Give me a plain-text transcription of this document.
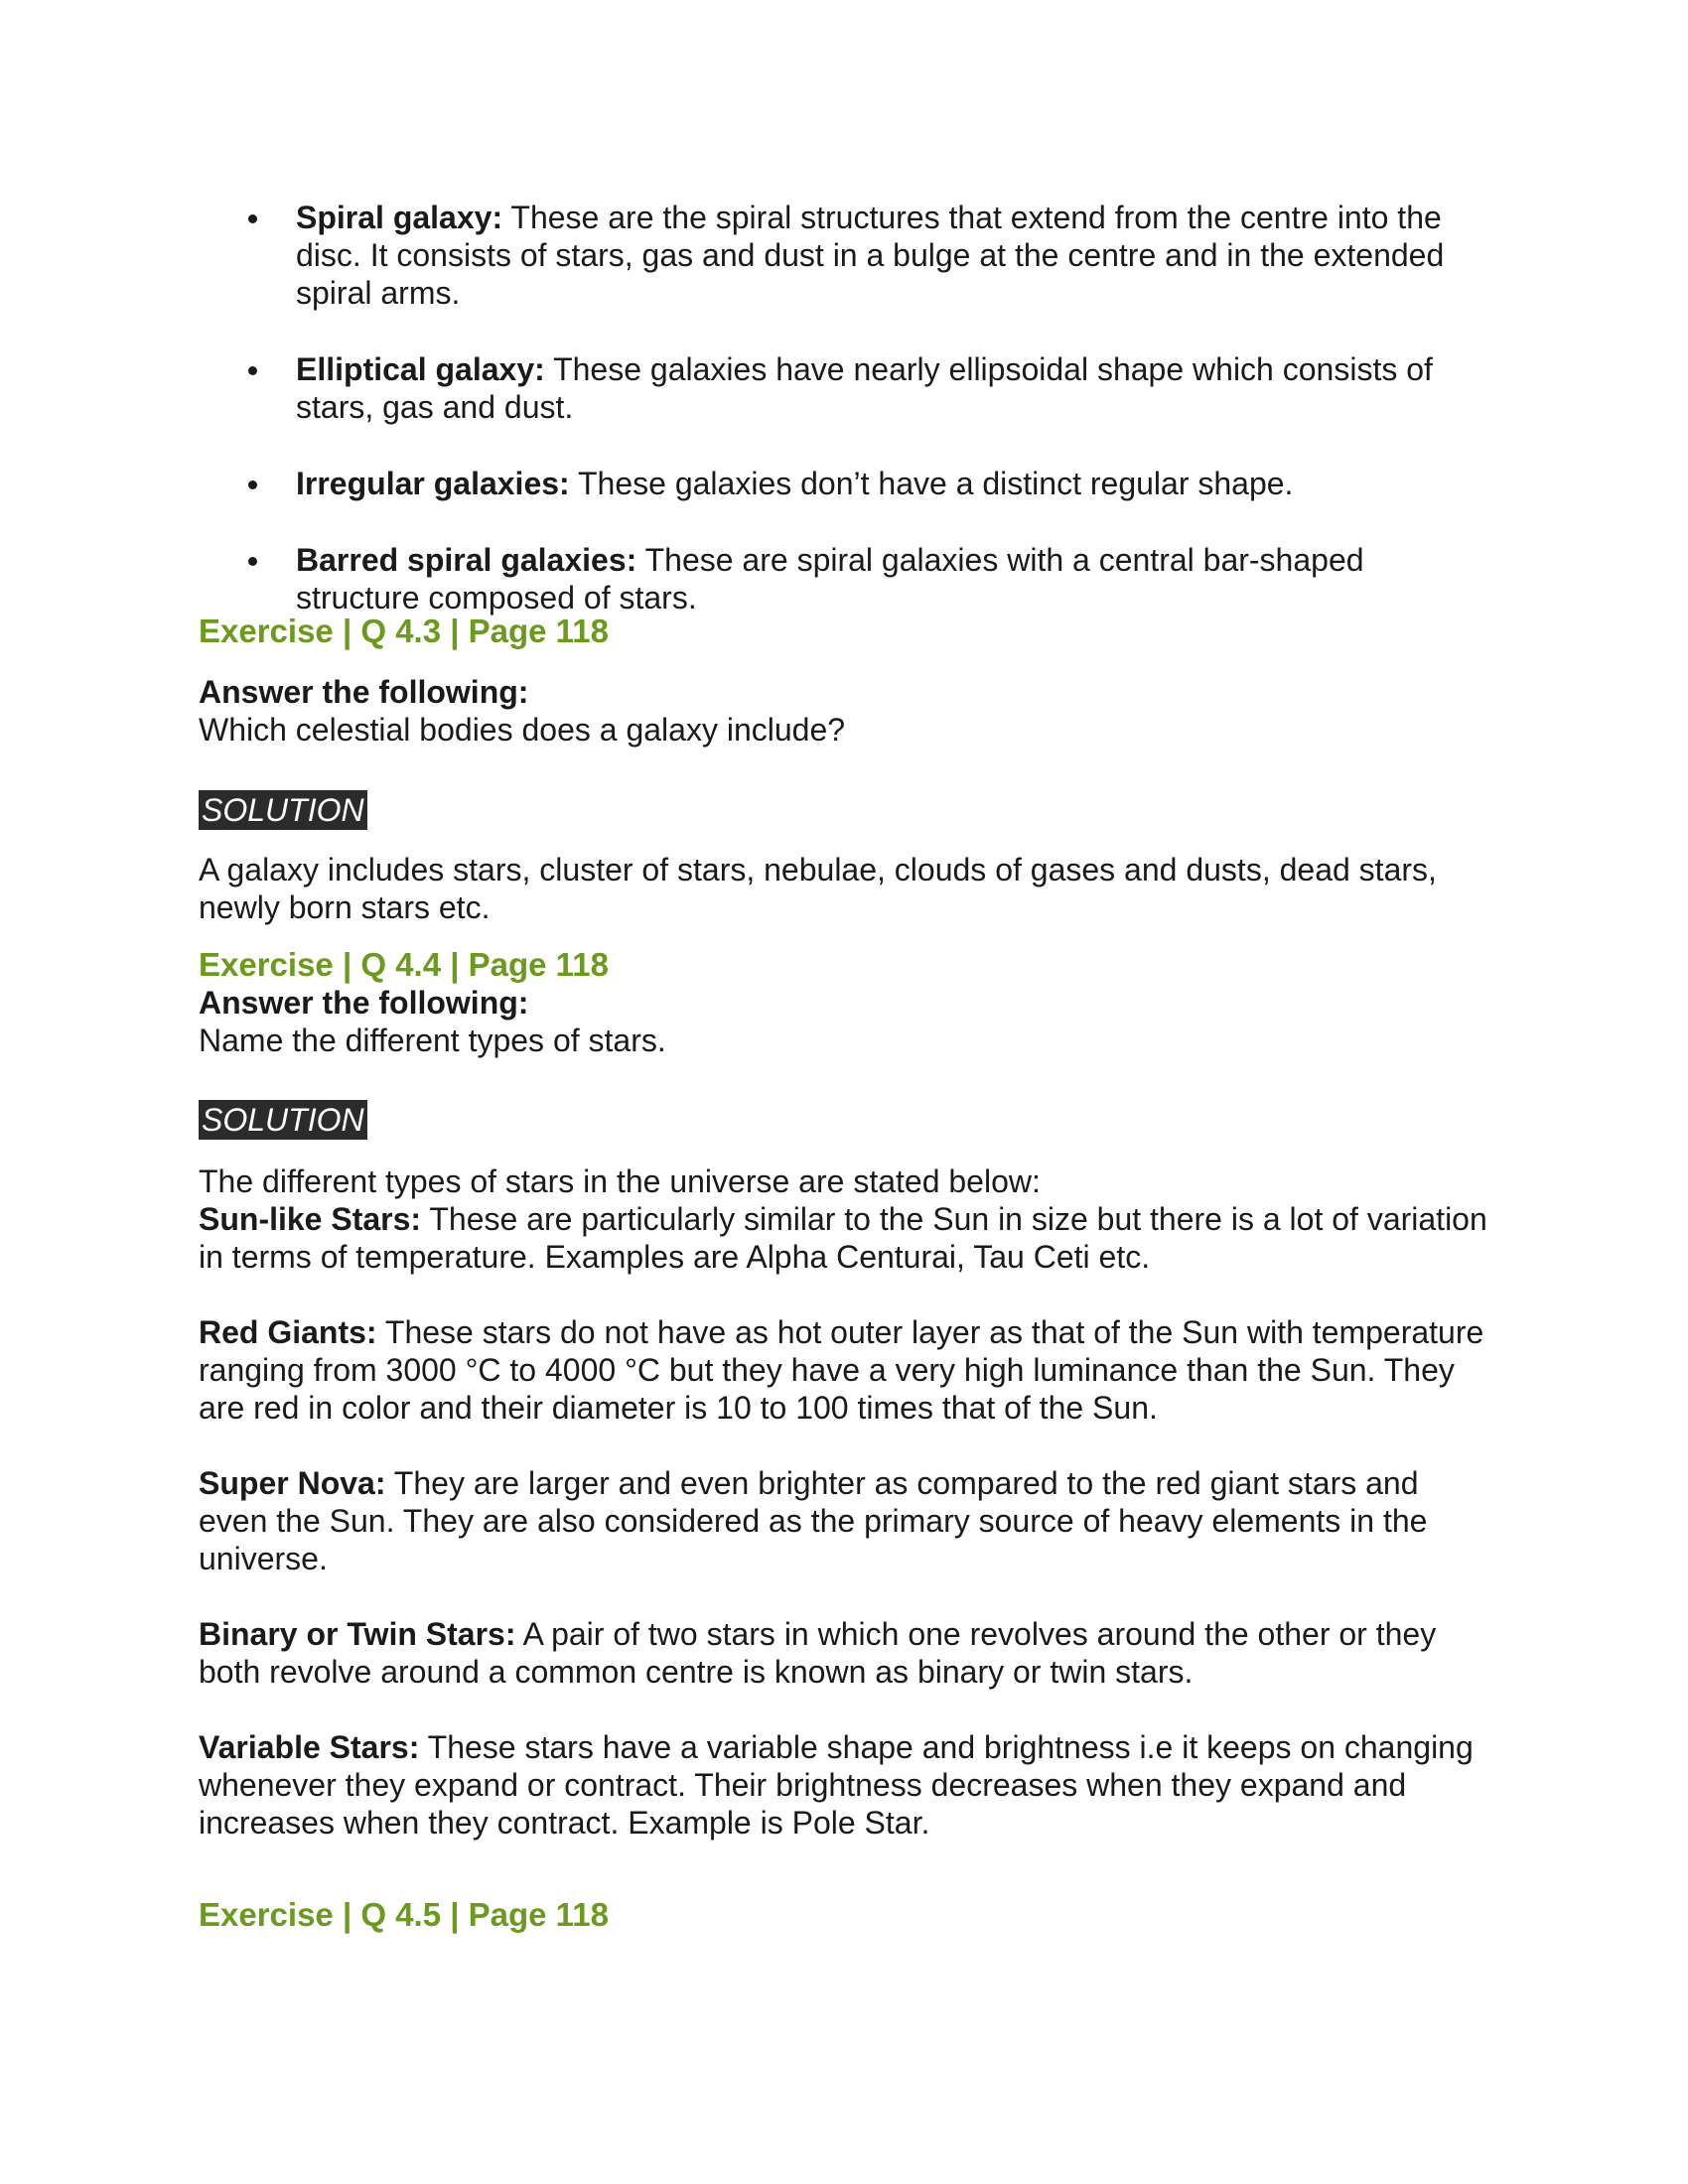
Spiral galaxy: These are the spiral structures that extend from the centre into the disc. It consists of stars, gas and dust in a bulge at the centre and in the extended spiral arms.
Elliptical galaxy: These galaxies have nearly ellipsoidal shape which consists of stars, gas and dust.
Irregular galaxies: These galaxies don’t have a distinct regular shape.
Barred spiral galaxies: These are spiral galaxies with a central bar-shaped structure composed of stars.
Exercise | Q 4.3 | Page 118
Answer the following:
Which celestial bodies does a galaxy include?
SOLUTION
A galaxy includes stars, cluster of stars, nebulae, clouds of gases and dusts, dead stars, newly born stars etc.
Exercise | Q 4.4 | Page 118
Answer the following:
Name the different types of stars.
SOLUTION
The different types of stars in the universe are stated below:
Sun-like Stars: These are particularly similar to the Sun in size but there is a lot of variation in terms of temperature. Examples are Alpha Centurai, Tau Ceti etc.
Red Giants: These stars do not have as hot outer layer as that of the Sun with temperature ranging from 3000 °C to 4000 °C but they have a very high luminance than the Sun. They are red in color and their diameter is 10 to 100 times that of the Sun.
Super Nova: They are larger and even brighter as compared to the red giant stars and even the Sun. They are also considered as the primary source of heavy elements in the universe.
Binary or Twin Stars: A pair of two stars in which one revolves around the other or they both revolve around a common centre is known as binary or twin stars.
Variable Stars: These stars have a variable shape and brightness i.e it keeps on changing whenever they expand or contract. Their brightness decreases when they expand and increases when they contract. Example is Pole Star.
Exercise | Q 4.5 | Page 118
